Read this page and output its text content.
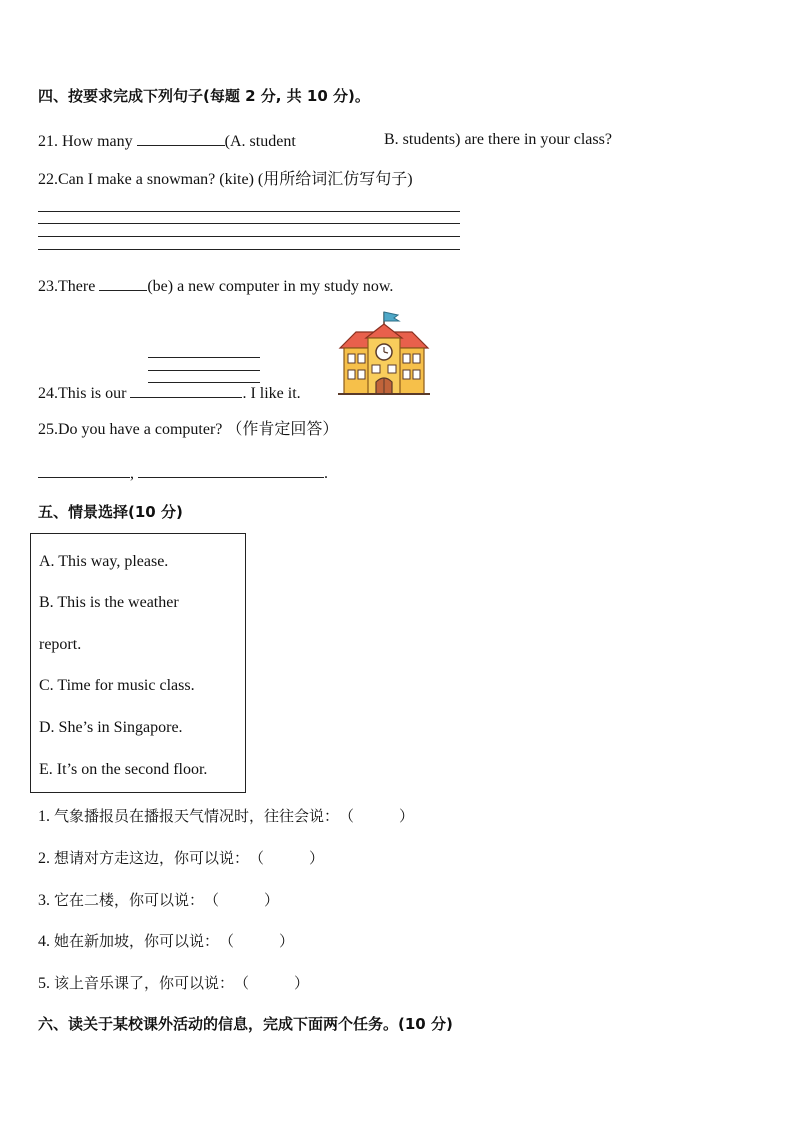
四、按要求完成下列句子(每题 2 分, 共 10 分)。
21. How many	(A. student	B. students) are there in your class?
22.Can I make a snowman? (kite) (用所给词汇仿写句子)
23.There	(be) a new computer in my study now.
24.This is our	. I like it.
25.Do you have a computer? （作肯定回答）
,	.
五、情景选择(10 分)
A. This way, please.
B. This is the weather
report.
C. Time for music class.
D. She’s in Singapore.
E. It’s on the second floor.
1. 气象播报员在播报天气情况时，往往会说：（　　　）
2. 想请对方走这边，你可以说：（　　　）
3. 它在二楼，你可以说：（　　　）
4. 她在新加坡，你可以说：（　　　）
5. 该上音乐课了，你可以说：（　　　）
六、读关于某校课外活动的信息，完成下面两个任务。(10 分)
